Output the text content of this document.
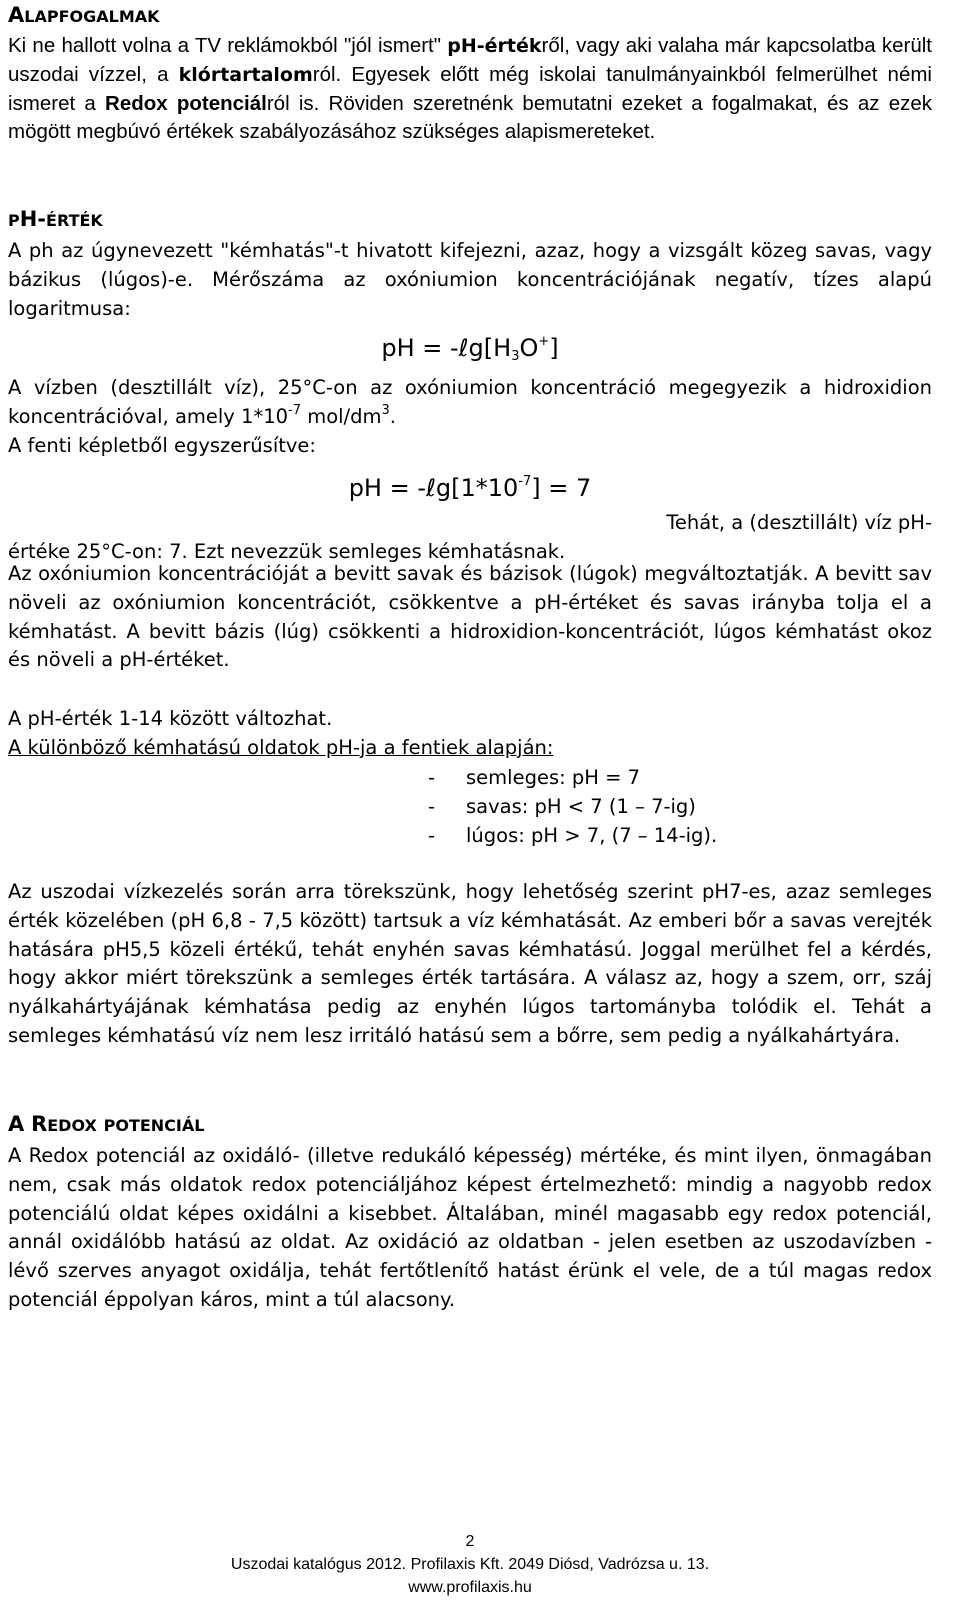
ALAPFOGALMAK

Ki ne hallott volna a TV reklámokból "jól ismert" pH-értékről, vagy aki valaha már kapcsolatba került uszodai vízzel, a klórtartalomról. Egyesek előtt még iskolai tanulmányainkból felmerülhet némi ismeret a Redox potenciálról is. Röviden szeretnénk bemutatni ezeket a fogalmakat, és az ezek mögött megbúvó értékek szabályozásához szükséges alapismereteket.

PH-ÉRTÉK

A ph az úgynevezett "kémhatás"-t hivatott kifejezni, azaz, hogy a vizsgált közeg savas, vagy bázikus (lúgos)-e. Mérőszáma az oxóniumion koncentrációjának negatív, tízes alapú logaritmusa:

pH = $-\ell g[H_3O^+]$

A vízben (desztillált víz), 25°C-on az oxóniumion koncentráció megegyezik a hidroxidion koncentrációval, amely $1*10^{-7}$ mol/$dm^3$.

A fenti képletből egyszerűsítve:

pH = $-\ell g[1*10^{-7}] = 7$

Tehát, a (desztillált) víz pH-

értéke 25°C-on: 7. Ezt nevezzük semleges kémhatásnak.

Az oxóniumion koncentrációját a bevitt savak és bázisok (lúgok) megváltoztatják. A bevitt sav növeli az oxóniumion koncentrációt, csökkentve a pH-értéket és savas irányba tolja el a kémhatást. A bevitt bázis (lúg) csökkenti a hidroxidion-koncentrációt, lúgos kémhatást okoz és növeli a pH-értéket.

A pH-érték 1-14 között változhat.

A különböző kémhatású oldatok pH-ja a fentiek alapján:

- semleges: pH = 7
- savas: pH < 7 (1 – 7-ig)
- lúgos: pH > 7, (7 – 14-ig).

Az uszodai vízkezelés során arra törekszünk, hogy lehetőség szerint pH7-es, azaz semleges érték közelében (pH 6,8 - 7,5 között) tartsuk a víz kémhatását. Az emberi bőr a savas verejték hatására pH5,5 közeli értékű, tehát enyhén savas kémhatású. Joggal merülhet fel a kérdés, hogy akkor miért törekszünk a semleges érték tartására. A válasz az, hogy a szem, orr, száj nyálkahártyájának kémhatása pedig az enyhén lúgos tartományba tolódik el. Tehát a semleges kémhatású víz nem lesz irritáló hatású sem a bőrre, sem pedig a nyálkahártyára.

A REDOX POTENCIÁL

A Redox potenciál az oxidáló- (illetve redukáló képesség) mértéke, és mint ilyen, önmagában nem, csak más oldatok redox potenciáljához képest értelmezhető: mindig a nagyobb redox potenciálú oldat képes oxidálni a kisebbet. Általában, minél magasabb egy redox potenciál, annál oxidálóbb hatású az oldat. Az oxidáció az oldatban - jelen esetben az uszodavízben - lévő szerves anyagot oxidálja, tehát fertőtlenítő hatást érünk el vele, de a túl magas redox potenciál éppolyan káros, mint a túl alacsony.

2
Uszodai katalógus 2012. Profilaxis Kft. 2049 Diósd, Vadrózsa u. 13.
www.profilaxis.hu
